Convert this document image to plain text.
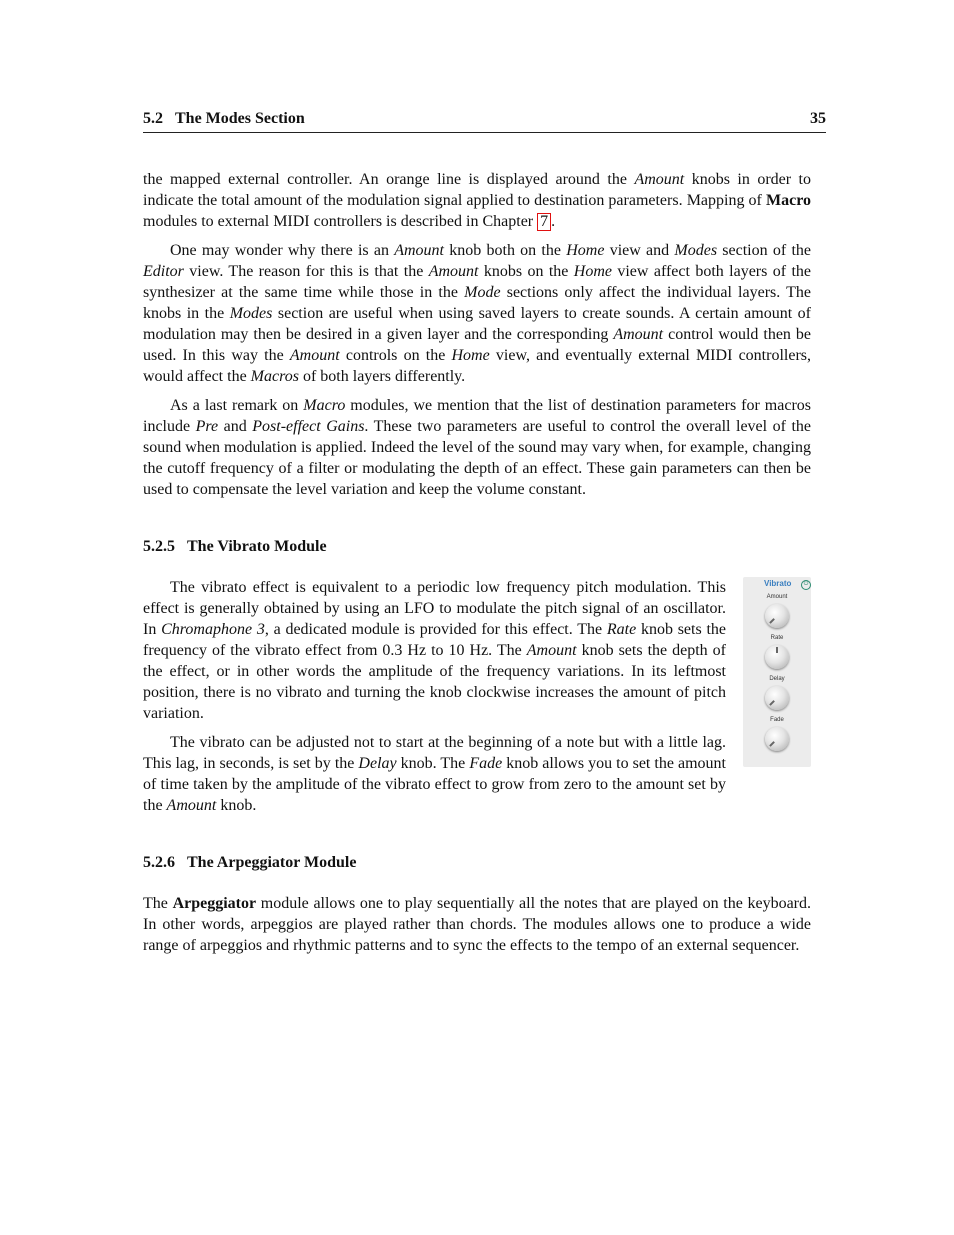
5.2 The Modes Section	35

the mapped external controller. An orange line is displayed around the Amount knobs in order to indicate the total amount of the modulation signal applied to destination parameters. Mapping of Macro modules to external MIDI controllers is described in Chapter 7 .

One may wonder why there is an Amount knob both on the Home view and Modes section of the Editor view. The reason for this is that the Amount knobs on the Home view affect both layers of the synthesizer at the same time while those in the Mode sections only affect the individual layers. The knobs in the Modes section are useful when using saved layers to create sounds. A certain amount of modulation may then be desired in a given layer and the corresponding Amount control would then be used. In this way the Amount controls on the Home view, and eventually external MIDI controllers, would affect the Macros of both layers differently.

As a last remark on Macro modules, we mention that the list of destination parameters for macros include Pre and Post-effect Gains. These two parameters are useful to control the overall level of the sound when modulation is applied. Indeed the level of the sound may vary when, for example, changing the cutoff frequency of a filter or modulating the depth of an effect. These gain parameters can then be used to compensate the level variation and keep the volume constant.

5.2.5 The Vibrato Module
Vibrato	⏻
Amount
Rate
Delay
Fade

The vibrato effect is equivalent to a periodic low frequency pitch modulation. This effect is generally obtained by using an LFO to modulate the pitch signal of an oscillator. In Chromaphone 3, a dedicated module is provided for this effect. The Rate knob sets the frequency of the vibrato effect from 0.3 Hz to 10 Hz. The Amount knob sets the depth of the effect, or in other words the amplitude of the frequency variations. In its leftmost position, there is no vibrato and turning the knob clockwise increases the amount of pitch variation.

The vibrato can be adjusted not to start at the beginning of a note but with a little lag. This lag, in seconds, is set by the Delay knob. The Fade knob allows you to set the amount of time taken by the amplitude of the vibrato effect to grow from zero to the amount set by the Amount knob.

5.2.6 The Arpeggiator Module

The Arpeggiator module allows one to play sequentially all the notes that are played on the keyboard. In other words, arpeggios are played rather than chords. The modules allows one to produce a wide range of arpeggios and rhythmic patterns and to sync the effects to the tempo of an external sequencer.
